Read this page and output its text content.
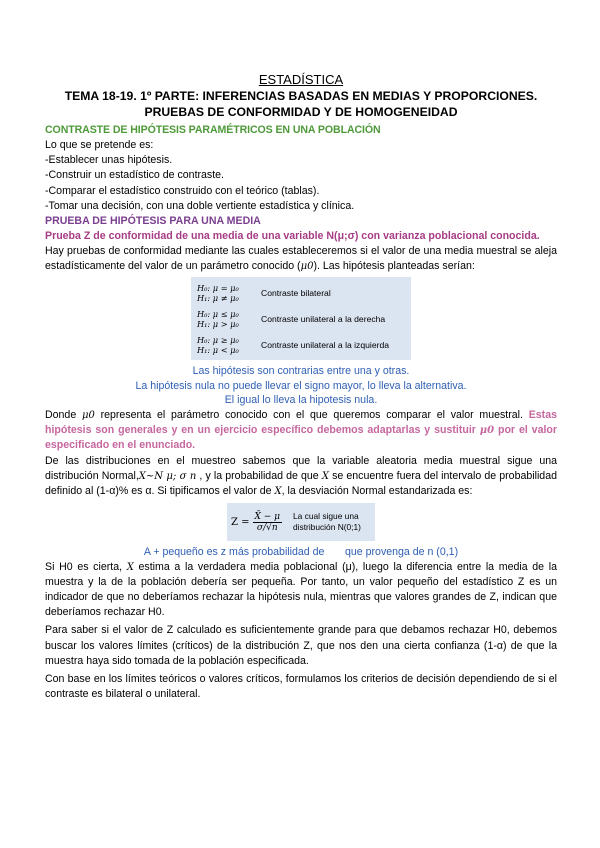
ESTADÍSTICA

TEMA 18-19. 1º PARTE: INFERENCIAS BASADAS EN MEDIAS Y PROPORCIONES.

PRUEBAS DE CONFORMIDAD Y DE HOMOGENEIDAD

CONTRASTE DE HIPÓTESIS PARAMÉTRICOS EN UNA POBLACIÓN

Lo que se pretende es:

-Establecer unas hipótesis.

-Construir un estadístico de contraste.

-Comparar el estadístico construido con el teórico (tablas).

-Tomar una decisión, con una doble vertiente estadística y clínica.

PRUEBA DE HIPÓTESIS PARA UNA MEDIA

Prueba Z de conformidad de una media de una variable N(μ;σ) con varianza poblacional conocida.

Hay pruebas de conformidad mediante las cuales estableceremos si el valor de una media muestral se aleja estadísticamente del valor de un parámetro conocido (μ0). Las hipótesis planteadas serían:

H₀: μ = μ₀
H₁: μ ≠ μ₀	Contraste bilateral
H₀: μ ≤ μ₀
H₁: μ > μ₀	Contraste unilateral a la derecha
H₀: μ ≥ μ₀
H₁: μ < μ₀	Contraste unilateral a la izquierda

Las hipótesis son contrarias entre una y otras.

La hipótesis nula no puede llevar el signo mayor, lo lleva la alternativa.

El igual lo lleva la hipotesis nula.

Donde μ0 representa el parámetro conocido con el que queremos comparar el valor muestral. Estas hipótesis son generales y en un ejercicio específico debemos adaptarlas y sustituir μ0 por el valor especificado en el enunciado.

De las distribuciones en el muestreo sabemos que la variable aleatoria media muestral sigue una distribución Normal,X~N μ; σ n , y la probabilidad de que X se encuentre fuera del intervalo de probabilidad definido al (1-α)% es α. Si tipificamos el valor de X, la desviación Normal estandarizada es:

$Z = \frac{X̄ - \mu}{\sigma/√n}$ La cual sigue una
distribución N(0;1)

A + pequeño es z más probabilidad de       que provenga de n (0,1)

Si H0 es cierta, X estima a la verdadera media poblacional (μ), luego la diferencia entre la media de la muestra y la de la población debería ser pequeña. Por tanto, un valor pequeño del estadístico Z es un indicador de que no deberíamos rechazar la hipótesis nula, mientras que valores grandes de Z, indican que deberíamos rechazar H0.

Para saber si el valor de Z calculado es suficientemente grande para que debamos rechazar H0, debemos buscar los valores límites (críticos) de la distribución Z, que nos den una cierta confianza (1-α) de que la muestra haya sido tomada de la población especificada.

Con base en los límites teóricos o valores críticos, formulamos los criterios de decisión dependiendo de si el contraste es bilateral o unilateral.
